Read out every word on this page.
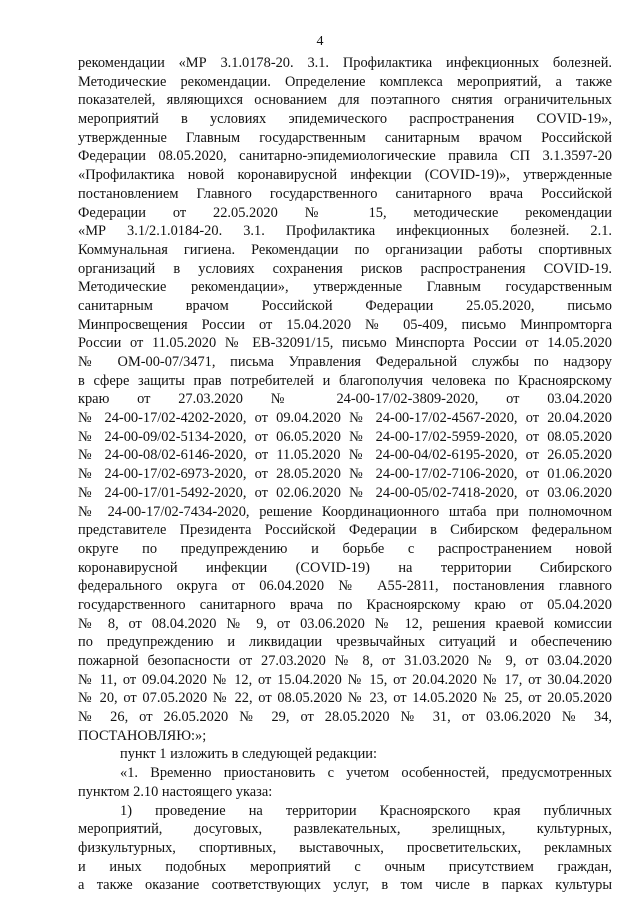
4
рекомендации «МР 3.1.0178-20. 3.1. Профилактика инфекционных болезней.
Методические рекомендации. Определение комплекса мероприятий, а также
показателей, являющихся основанием для поэтапного снятия ограничительных
мероприятий в условиях эпидемического распространения COVID-19»,
утвержденные Главным государственным санитарным врачом Российской
Федерации 08.05.2020, санитарно-эпидемиологические правила СП 3.1.3597-20
«Профилактика новой коронавирусной инфекции (COVID-19)», утвержденные
постановлением Главного государственного санитарного врача Российской
Федерации от 22.05.2020 № 15, методические рекомендации
«МР 3.1/2.1.0184-20. 3.1. Профилактика инфекционных болезней. 2.1.
Коммунальная гигиена. Рекомендации по организации работы спортивных
организаций в условиях сохранения рисков распространения COVID-19.
Методические рекомендации», утвержденные Главным государственным
санитарным врачом Российской Федерации 25.05.2020, письмо
Минпросвещения России от 15.04.2020 № 05-409, письмо Минпромторга
России от 11.05.2020 № ЕВ-32091/15, письмо Минспорта России от 14.05.2020
№ ОМ-00-07/3471, письма Управления Федеральной службы по надзору
в сфере защиты прав потребителей и благополучия человека по Красноярскому
краю от 27.03.2020 № 24-00-17/02-3809-2020, от 03.04.2020
№ 24-00-17/02-4202-2020, от 09.04.2020 № 24-00-17/02-4567-2020, от 20.04.2020
№ 24-00-09/02-5134-2020, от 06.05.2020 № 24-00-17/02-5959-2020, от 08.05.2020
№ 24-00-08/02-6146-2020, от 11.05.2020 № 24-00-04/02-6195-2020, от 26.05.2020
№ 24-00-17/02-6973-2020, от 28.05.2020 № 24-00-17/02-7106-2020, от 01.06.2020
№ 24-00-17/01-5492-2020, от 02.06.2020 № 24-00-05/02-7418-2020, от 03.06.2020
№ 24-00-17/02-7434-2020, решение Координационного штаба при полномочном
представителе Президента Российской Федерации в Сибирском федеральном
округе по предупреждению и борьбе с распространением новой
коронавирусной инфекции (COVID-19) на территории Сибирского
федерального округа от 06.04.2020 № А55-2811, постановления главного
государственного санитарного врача по Красноярскому краю от 05.04.2020
№ 8, от 08.04.2020 № 9, от 03.06.2020 № 12, решения краевой комиссии
по предупреждению и ликвидации чрезвычайных ситуаций и обеспечению
пожарной безопасности от 27.03.2020 № 8, от 31.03.2020 № 9, от 03.04.2020
№ 11, от 09.04.2020 № 12, от 15.04.2020 № 15, от 20.04.2020 № 17, от 30.04.2020
№ 20, от 07.05.2020 № 22, от 08.05.2020 № 23, от 14.05.2020 № 25, от 20.05.2020
№ 26, от 26.05.2020 № 29, от 28.05.2020 № 31, от 03.06.2020 № 34,
ПОСТАНОВЛЯЮ:»;
пункт 1 изложить в следующей редакции:
«1. Временно приостановить с учетом особенностей, предусмотренных
пунктом 2.10 настоящего указа:
1) проведение на территории Красноярского края публичных
мероприятий, досуговых, развлекательных, зрелищных, культурных,
физкультурных, спортивных, выставочных, просветительских, рекламных
и иных подобных мероприятий с очным присутствием граждан,
а также оказание соответствующих услуг, в том числе в парках культуры
